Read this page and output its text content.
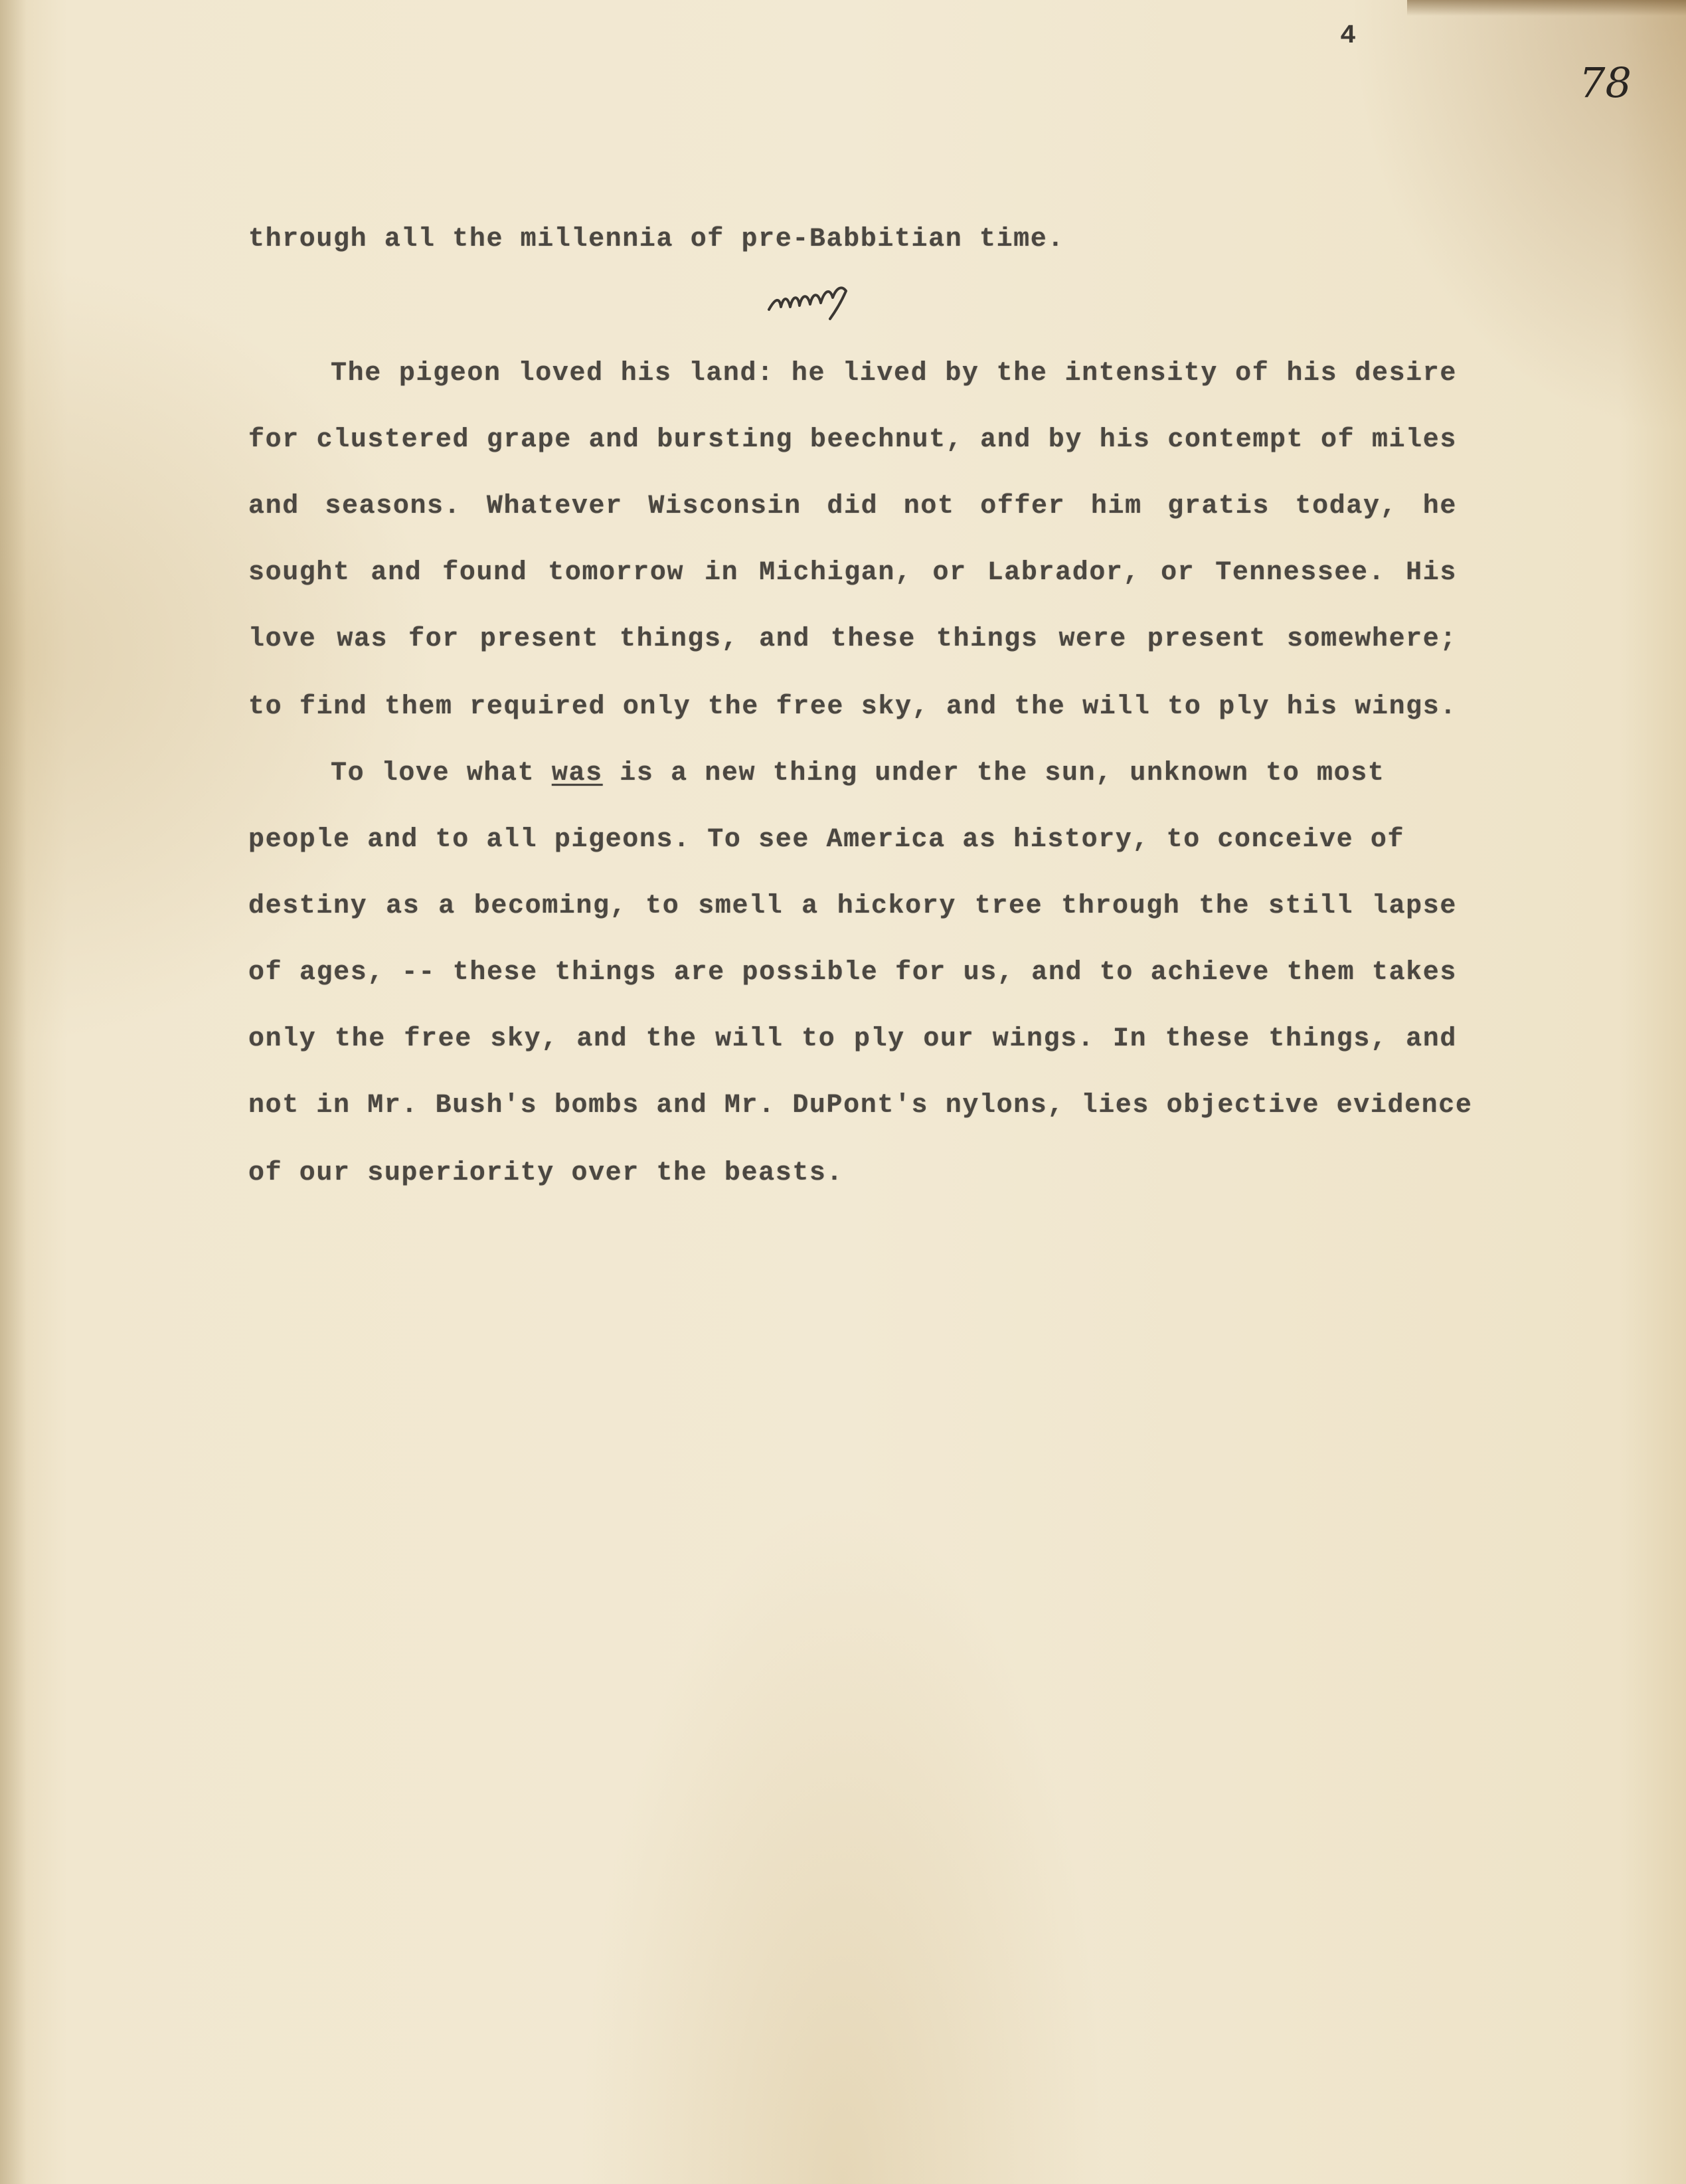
4
78
through all the millennia of pre-Babbitian time.
The pigeon loved his land: he lived by the intensity of his desire
for clustered grape and bursting beechnut, and by his contempt of miles
and seasons. Whatever Wisconsin did not offer him gratis today, he
sought and found tomorrow in Michigan, or Labrador, or Tennessee. His
love was for present things, and these things were present somewhere;
to find them required only the free sky, and the will to ply his wings.
To love what was is a new thing under the sun, unknown to most
people and to all pigeons. To see America as history, to conceive of
destiny as a becoming, to smell a hickory tree through the still lapse
of ages, -- these things are possible for us, and to achieve them takes
only the free sky, and the will to ply our wings. In these things, and
not in Mr. Bush's bombs and Mr. DuPont's nylons, lies objective evidence
of our superiority over the beasts.
